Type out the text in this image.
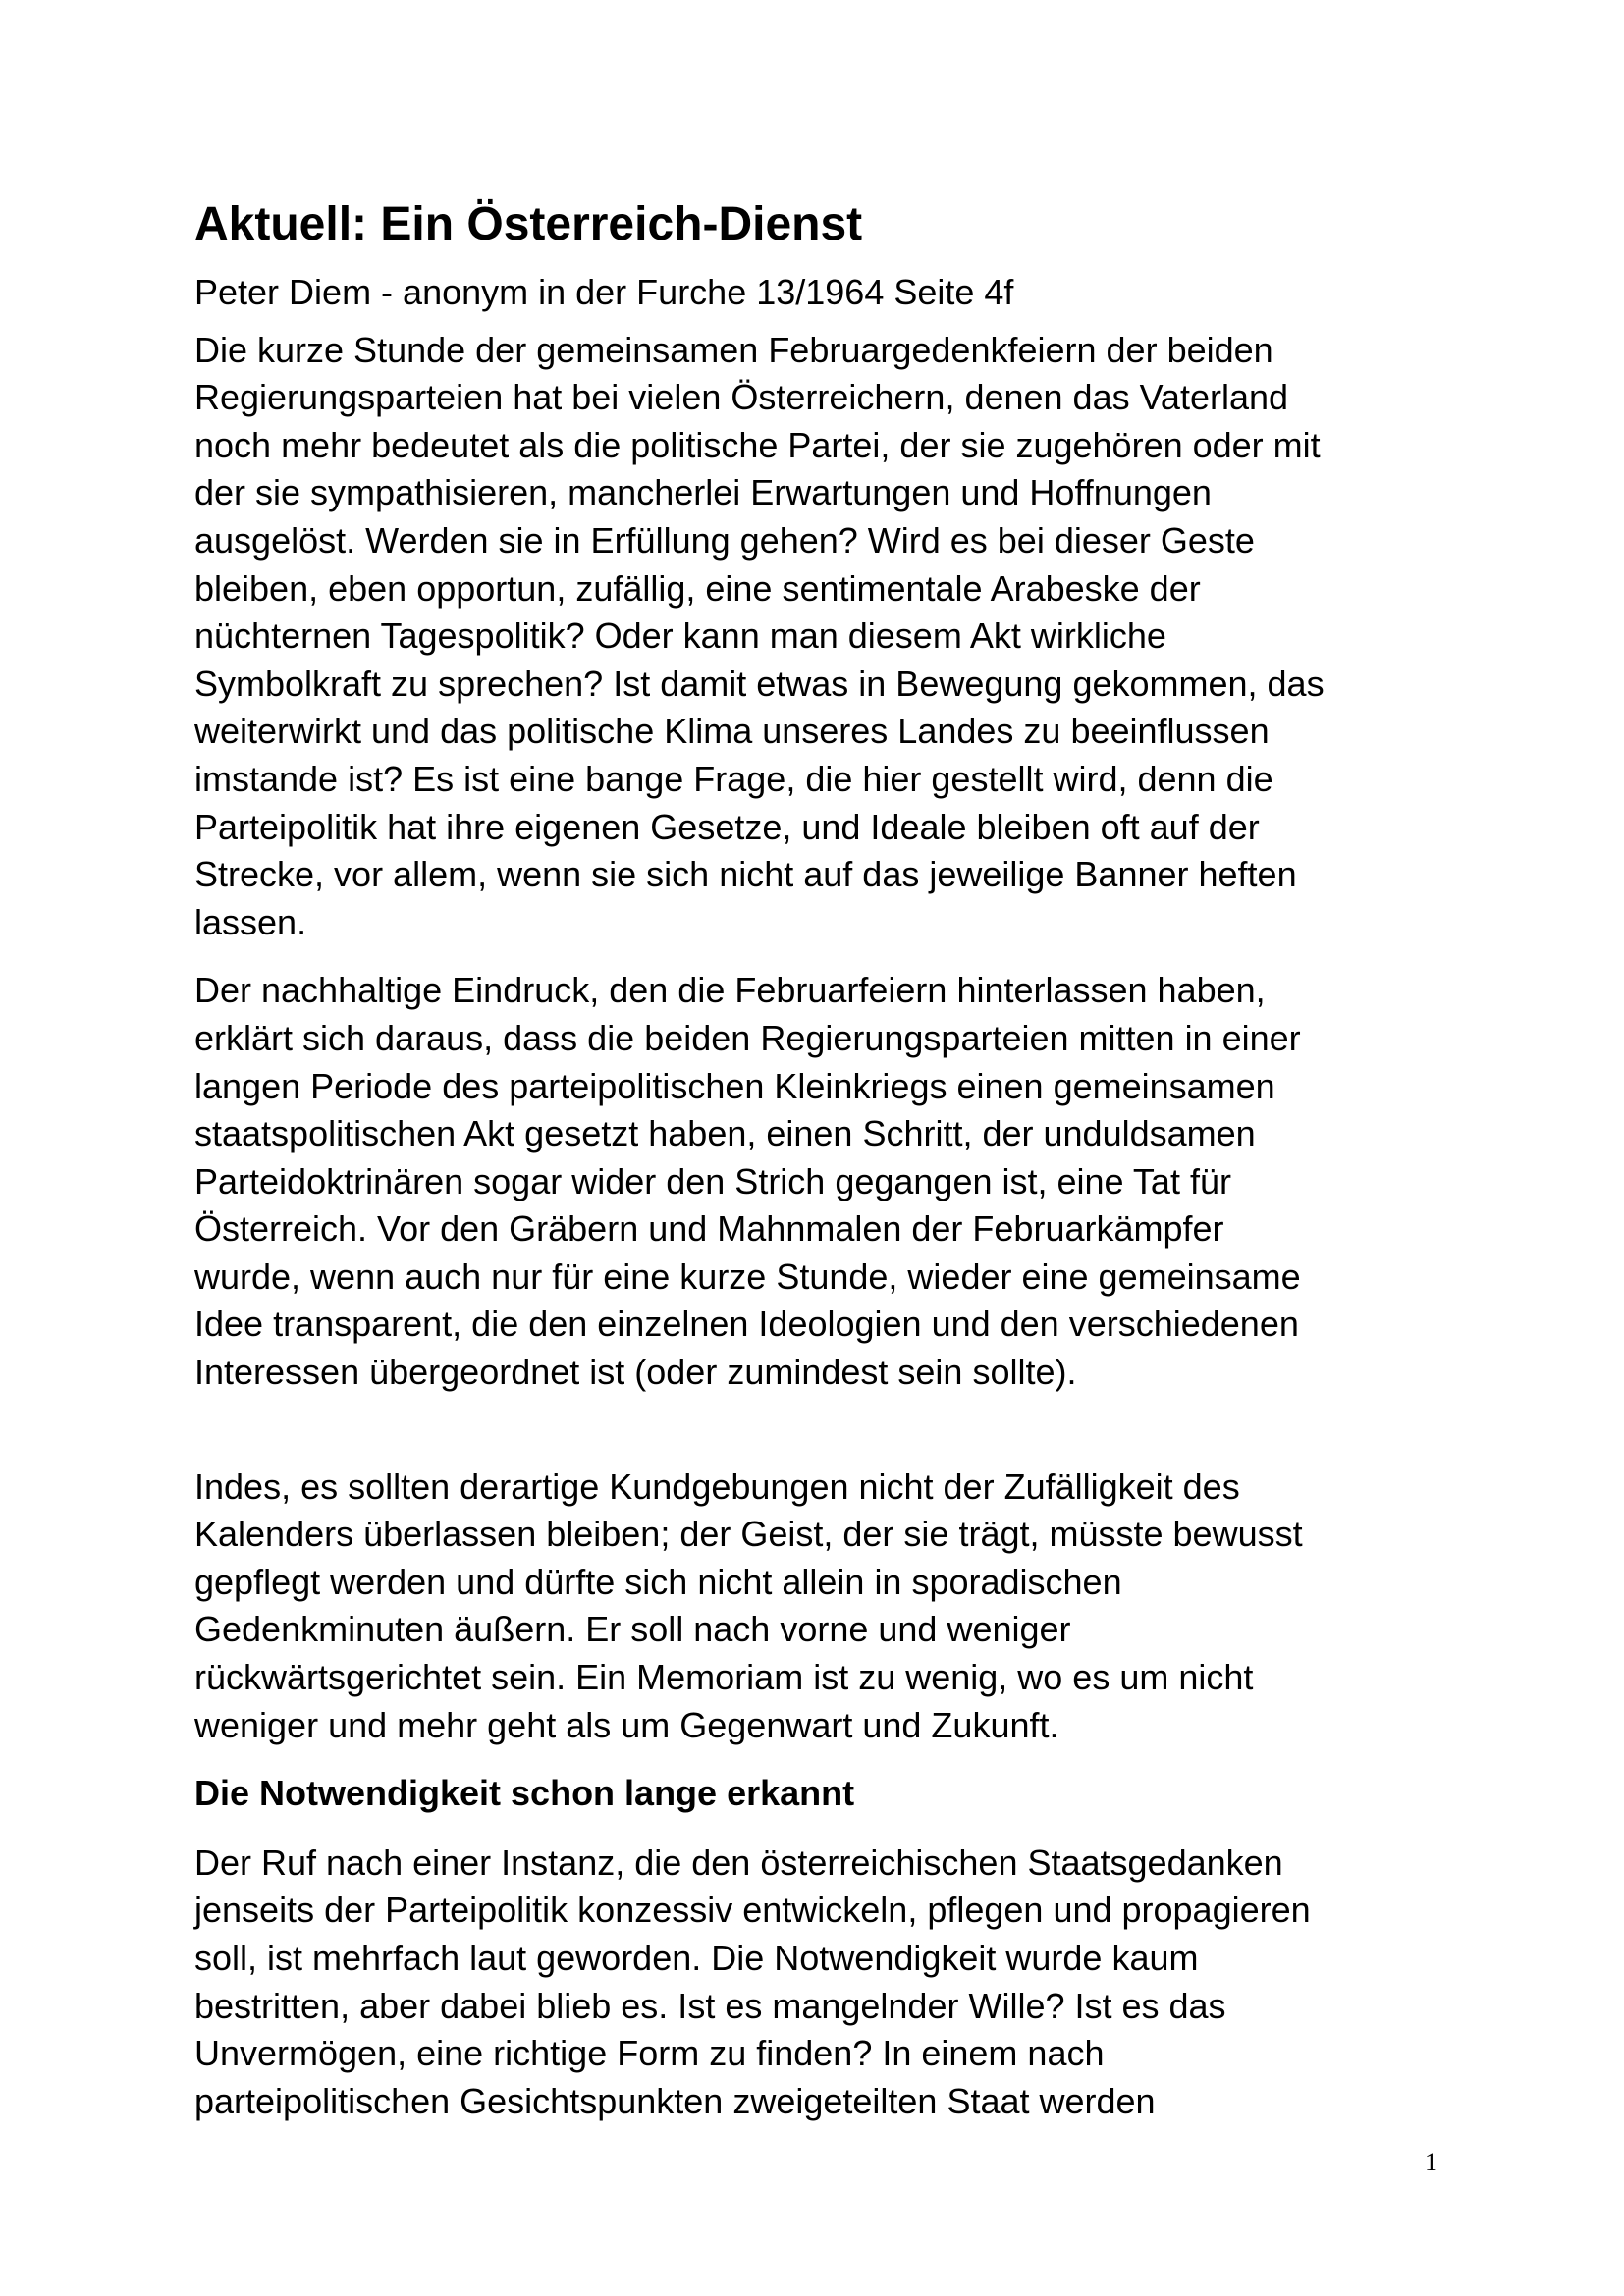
Aktuell: Ein Österreich-Dienst
Peter Diem - anonym in der Furche 13/1964 Seite 4f
Die kurze Stunde der gemeinsamen Februargedenkfeiern der beiden
Regierungsparteien hat bei vielen Österreichern, denen das Vaterland
noch mehr bedeutet als die politische Partei, der sie zugehören oder mit
der sie sympathisieren, mancherlei Erwartungen und Hoffnungen
ausgelöst. Werden sie in Erfüllung gehen? Wird es bei dieser Geste
bleiben, eben opportun, zufällig, eine sentimentale Arabeske der
nüchternen Tagespolitik? Oder kann man diesem Akt wirkliche
Symbolkraft zu sprechen? Ist damit etwas in Bewegung gekommen, das
weiterwirkt und das politische Klima unseres Landes zu beeinflussen
imstande ist? Es ist eine bange Frage, die hier gestellt wird, denn die
Parteipolitik hat ihre eigenen Gesetze, und Ideale bleiben oft auf der
Strecke, vor allem, wenn sie sich nicht auf das jeweilige Banner heften
lassen.
Der nachhaltige Eindruck, den die Februarfeiern hinterlassen haben,
erklärt sich daraus, dass die beiden Regierungsparteien mitten in einer
langen Periode des parteipolitischen Kleinkriegs einen gemeinsamen
staatspolitischen Akt gesetzt haben, einen Schritt, der unduldsamen
Parteidoktrinären sogar wider den Strich gegangen ist, eine Tat für
Österreich. Vor den Gräbern und Mahnmalen der Februarkämpfer
wurde, wenn auch nur für eine kurze Stunde, wieder eine gemeinsame
Idee transparent, die den einzelnen Ideologien und den verschiedenen
Interessen übergeordnet ist (oder zumindest sein sollte).
Indes, es sollten derartige Kundgebungen nicht der Zufälligkeit des
Kalenders überlassen bleiben; der Geist, der sie trägt, müsste bewusst
gepflegt werden und dürfte sich nicht allein in sporadischen
Gedenkminuten äußern. Er soll nach vorne und weniger
rückwärtsgerichtet sein. Ein Memoriam ist zu wenig, wo es um nicht
weniger und mehr geht als um Gegenwart und Zukunft.
Die Notwendigkeit schon lange erkannt
Der Ruf nach einer Instanz, die den österreichischen Staatsgedanken
jenseits der Parteipolitik konzessiv entwickeln, pflegen und propagieren
soll, ist mehrfach laut geworden. Die Notwendigkeit wurde kaum
bestritten, aber dabei blieb es. Ist es mangelnder Wille? Ist es das
Unvermögen, eine richtige Form zu finden? In einem nach
parteipolitischen Gesichtspunkten zweigeteilten Staat werden
1
